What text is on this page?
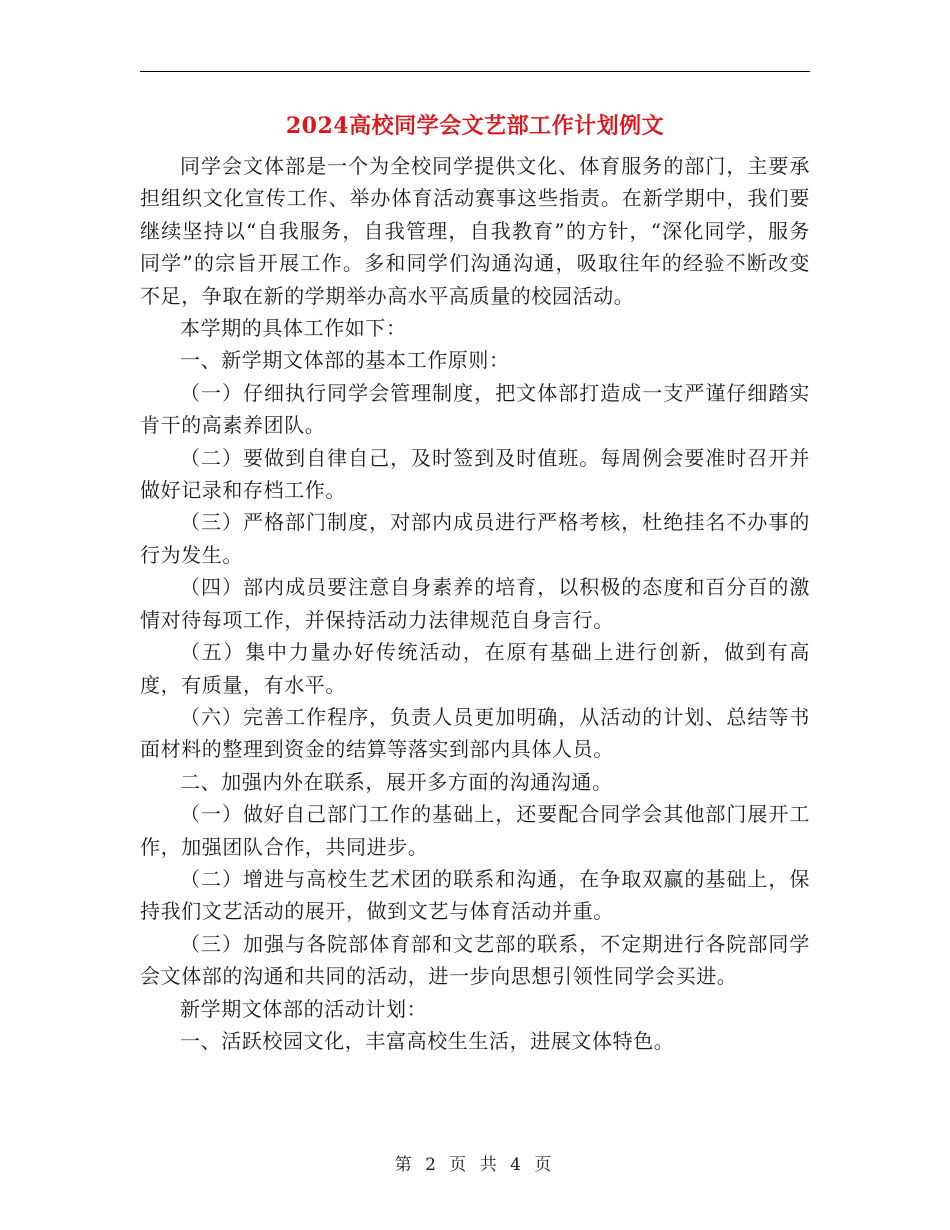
2024高校同学会文艺部工作计划例文

同学会文体部是一个为全校同学提供文化、体育服务的部门，主要承担组织文化宣传工作、举办体育活动赛事这些指责。在新学期中，我们要继续坚持以“自我服务，自我管理，自我教育”的方针，“深化同学，服务同学”的宗旨开展工作。多和同学们沟通沟通，吸取往年的经验不断改变不足，争取在新的学期举办高水平高质量的校园活动。

本学期的具体工作如下：

一、新学期文体部的基本工作原则：

（一）仔细执行同学会管理制度，把文体部打造成一支严谨仔细踏实肯干的高素养团队。

（二）要做到自律自己，及时签到及时值班。每周例会要准时召开并做好记录和存档工作。

（三）严格部门制度，对部内成员进行严格考核，杜绝挂名不办事的行为发生。

（四）部内成员要注意自身素养的培育，以积极的态度和百分百的激情对待每项工作，并保持活动力法律规范自身言行。

（五）集中力量办好传统活动，在原有基础上进行创新，做到有高度，有质量，有水平。

（六）完善工作程序，负责人员更加明确，从活动的计划、总结等书面材料的整理到资金的结算等落实到部内具体人员。

二、加强内外在联系，展开多方面的沟通沟通。

（一）做好自己部门工作的基础上，还要配合同学会其他部门展开工作，加强团队合作，共同进步。

（二）增进与高校生艺术团的联系和沟通，在争取双赢的基础上，保持我们文艺活动的展开，做到文艺与体育活动并重。

（三）加强与各院部体育部和文艺部的联系，不定期进行各院部同学会文体部的沟通和共同的活动，进一步向思想引领性同学会买进。

新学期文体部的活动计划：

一、活跃校园文化，丰富高校生生活，进展文体特色。

第 2 页 共 4 页
